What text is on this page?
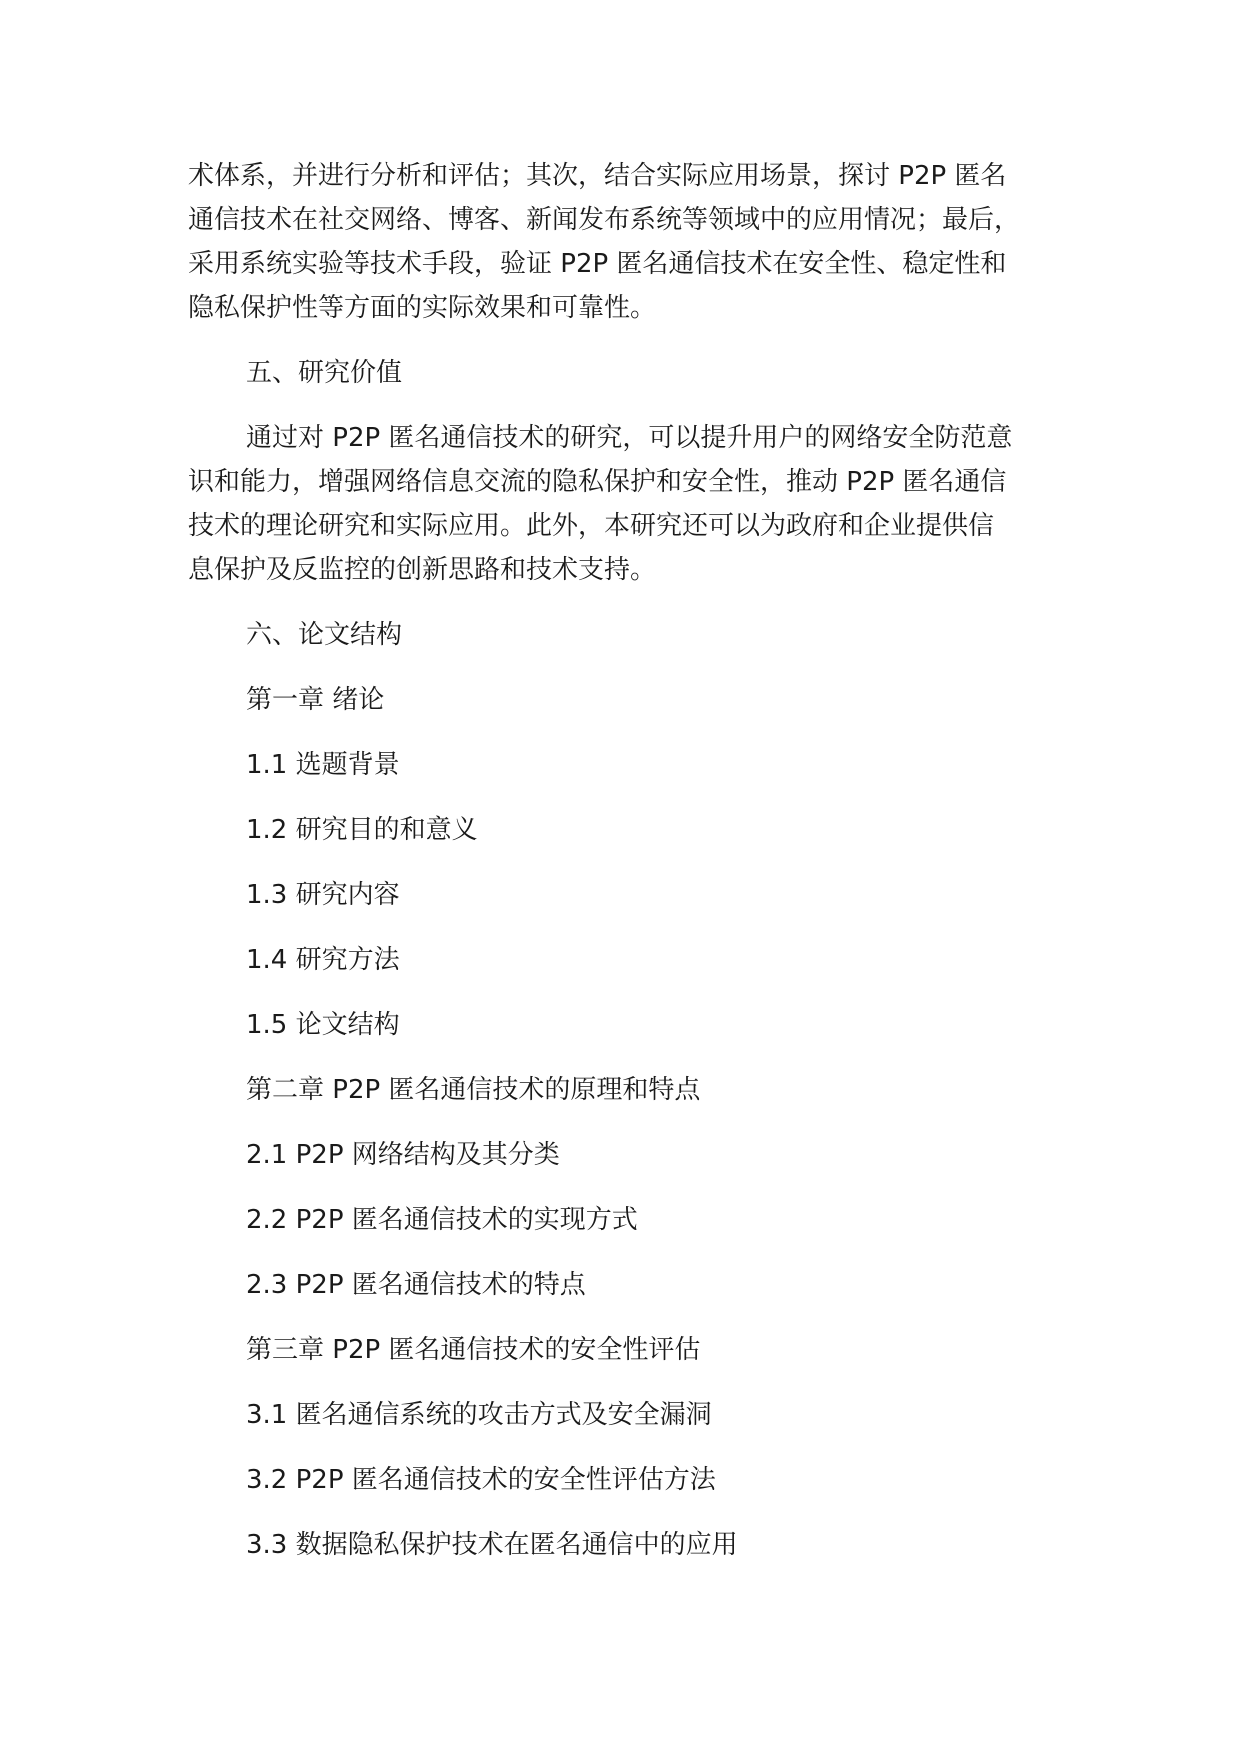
术体系，并进行分析和评估；其次，结合实际应用场景，探讨 P2P 匿名
通信技术在社交网络、博客、新闻发布系统等领域中的应用情况；最后，
采用系统实验等技术手段，验证 P2P 匿名通信技术在安全性、稳定性和
隐私保护性等方面的实际效果和可靠性。
五、研究价值
通过对 P2P 匿名通信技术的研究，可以提升用户的网络安全防范意
识和能力，增强网络信息交流的隐私保护和安全性，推动 P2P 匿名通信
技术的理论研究和实际应用。此外，本研究还可以为政府和企业提供信
息保护及反监控的创新思路和技术支持。
六、论文结构
第一章 绪论
1.1 选题背景
1.2 研究目的和意义
1.3 研究内容
1.4 研究方法
1.5 论文结构
第二章 P2P 匿名通信技术的原理和特点
2.1 P2P 网络结构及其分类
2.2 P2P 匿名通信技术的实现方式
2.3 P2P 匿名通信技术的特点
第三章 P2P 匿名通信技术的安全性评估
3.1 匿名通信系统的攻击方式及安全漏洞
3.2 P2P 匿名通信技术的安全性评估方法
3.3 数据隐私保护技术在匿名通信中的应用
